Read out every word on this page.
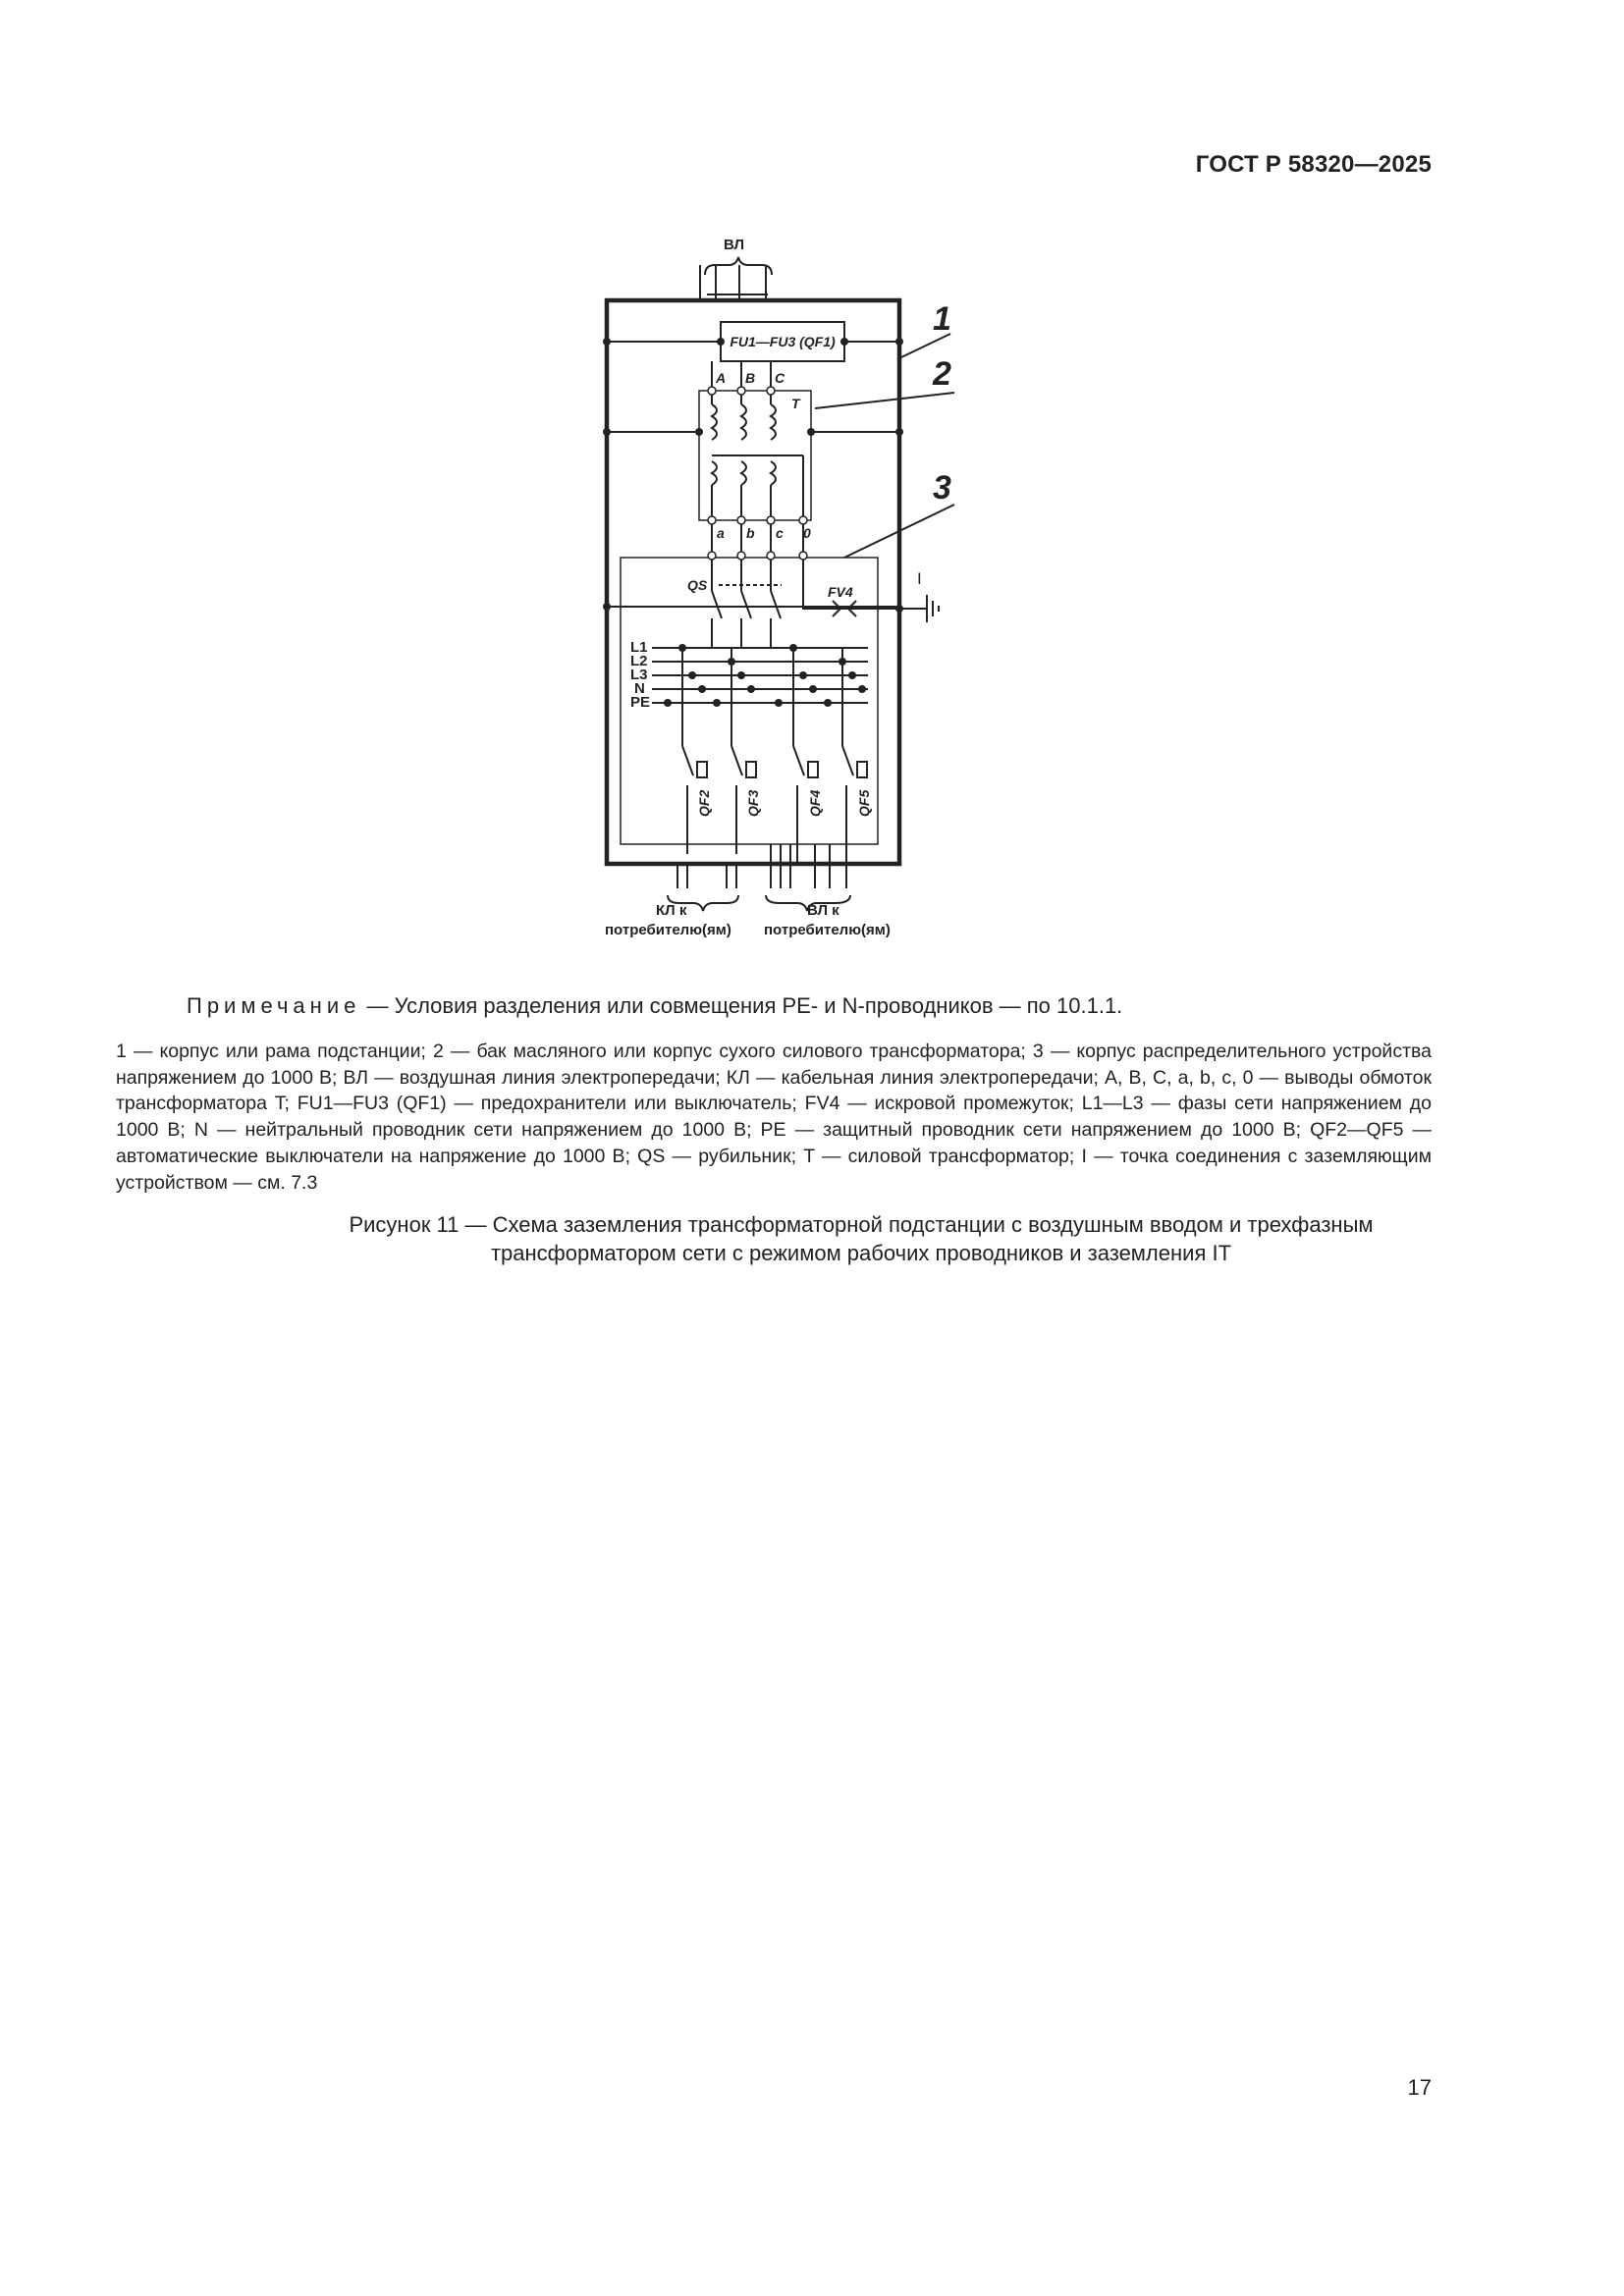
ГОСТ Р 58320—2025
ВЛ
FU1—FU3 (QF1)
A B C
T
a b c 0
QS	FV4
I
L1
L2
L3
N
PE
QF2 QF3	QF4 QF5
1
2
3
КЛ к
потребителю(ям)
ВЛ к
потребителю(ям)
Примечание — Условия разделения или совмещения PE- и N-проводников — по 10.1.1.
1 — корпус или рама подстанции; 2 — бак масляного или корпус сухого силового трансформатора; 3 — корпус распределительного устройства напряжением до 1000 В; ВЛ — воздушная линия электропередачи; КЛ — кабельная линия электропередачи; A, B, C, a, b, c, 0 — выводы обмоток трансформатора T; FU1—FU3 (QF1) — предохранители или выключатель; FV4 — искровой промежуток; L1—L3 — фазы сети напряжением до 1000 В; N — нейтральный проводник сети напряжением до 1000 В; PE — защитный проводник сети напряжением до 1000 В; QF2—QF5 — автоматические выключатели на напряжение до 1000 В; QS — рубильник; T — силовой трансформатор; I — точка соединения с заземляющим устройством — см. 7.3
Рисунок 11 — Схема заземления трансформаторной подстанции с воздушным вводом и трехфазным
трансформатором сети с режимом рабочих проводников и заземления IT
17
